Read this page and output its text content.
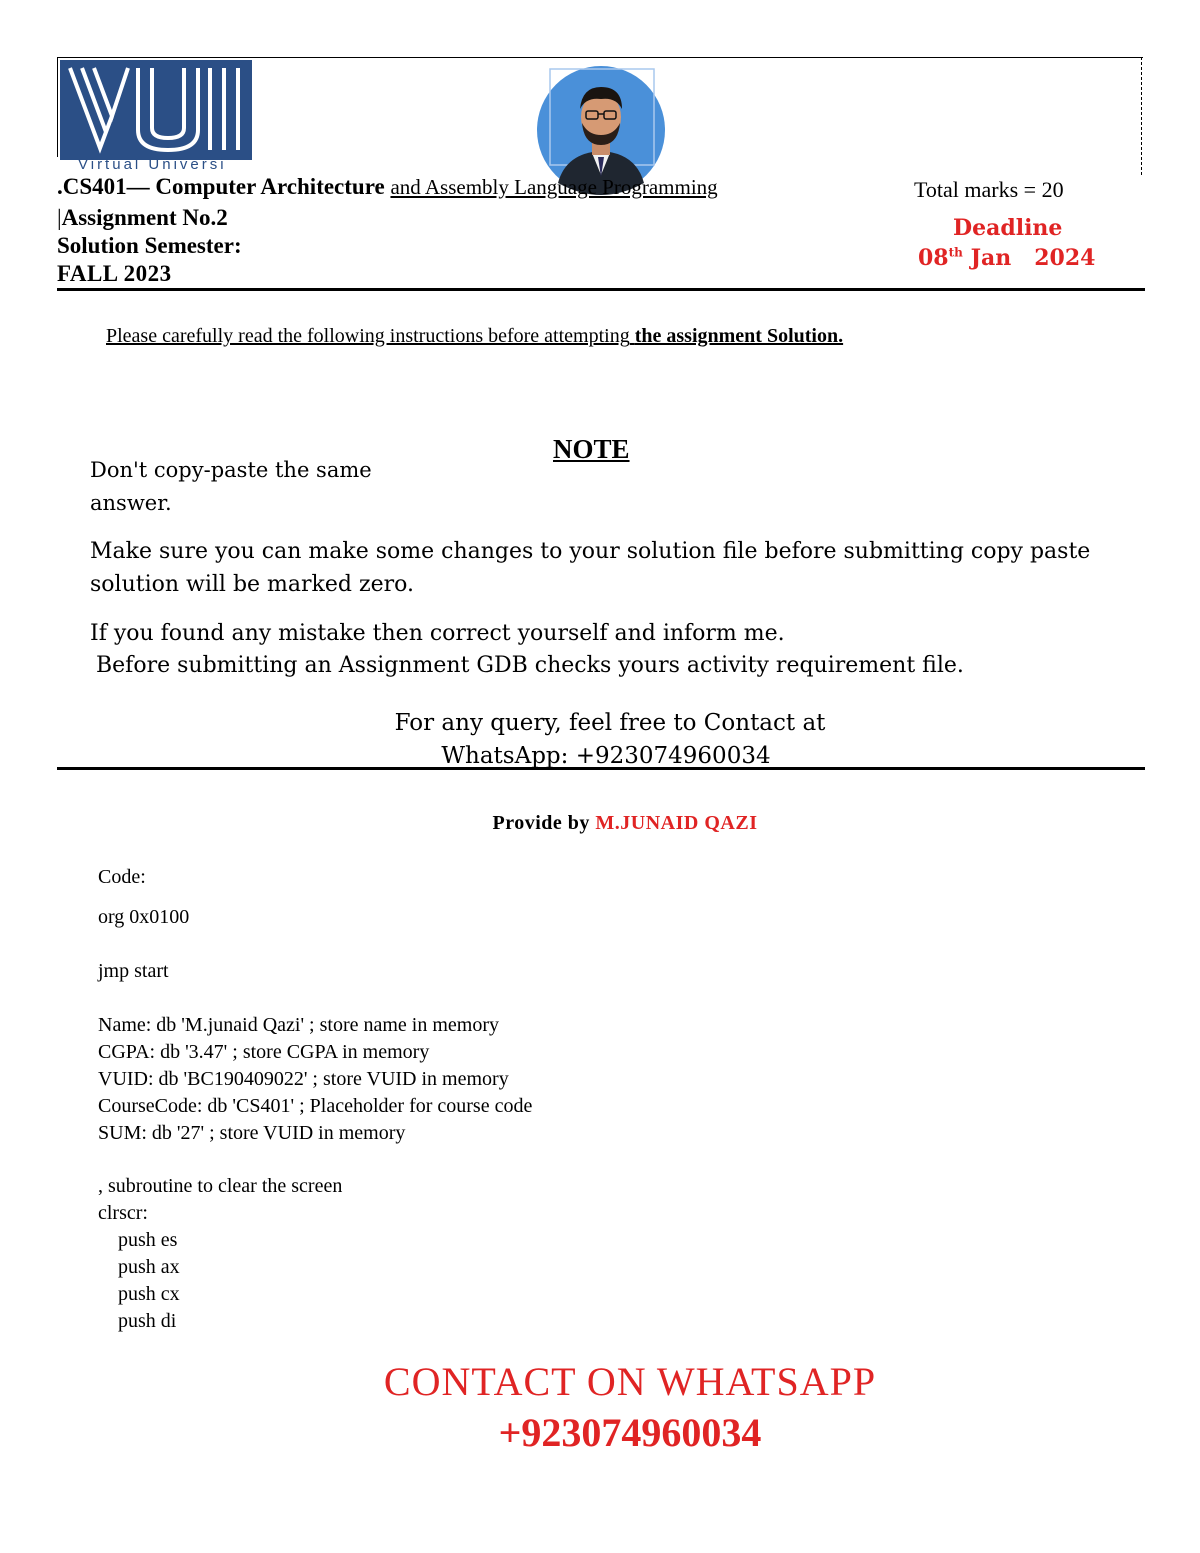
Virtual Universi
.CS401— Computer Architecture and Assembly Language Programming	Total marks = 20
|Assignment No.2
Solution Semester:
FALL 2023
Deadline
08th Jan   2024
Please carefully read the following instructions before attempting the assignment Solution.
NOTE
Don't copy-paste the same
answer.
Make sure you can make some changes to your solution file before submitting copy paste
solution will be marked zero.
If you found any mistake then correct yourself and inform me.
Before submitting an Assignment GDB checks yours activity requirement file.
For any query, feel free to Contact at
WhatsApp: +923074960034
Provide by M.JUNAID QAZI
Code:
org 0x0100
jmp start
Name: db 'M.junaid Qazi' ; store name in memory
CGPA: db '3.47' ; store CGPA in memory
VUID: db 'BC190409022' ; store VUID in memory
CourseCode: db 'CS401' ; Placeholder for course code
SUM: db '27' ; store VUID in memory
, subroutine to clear the screen
clrscr:
push es
push ax
push cx
push di
CONTACT ON WHATSAPP
+923074960034
